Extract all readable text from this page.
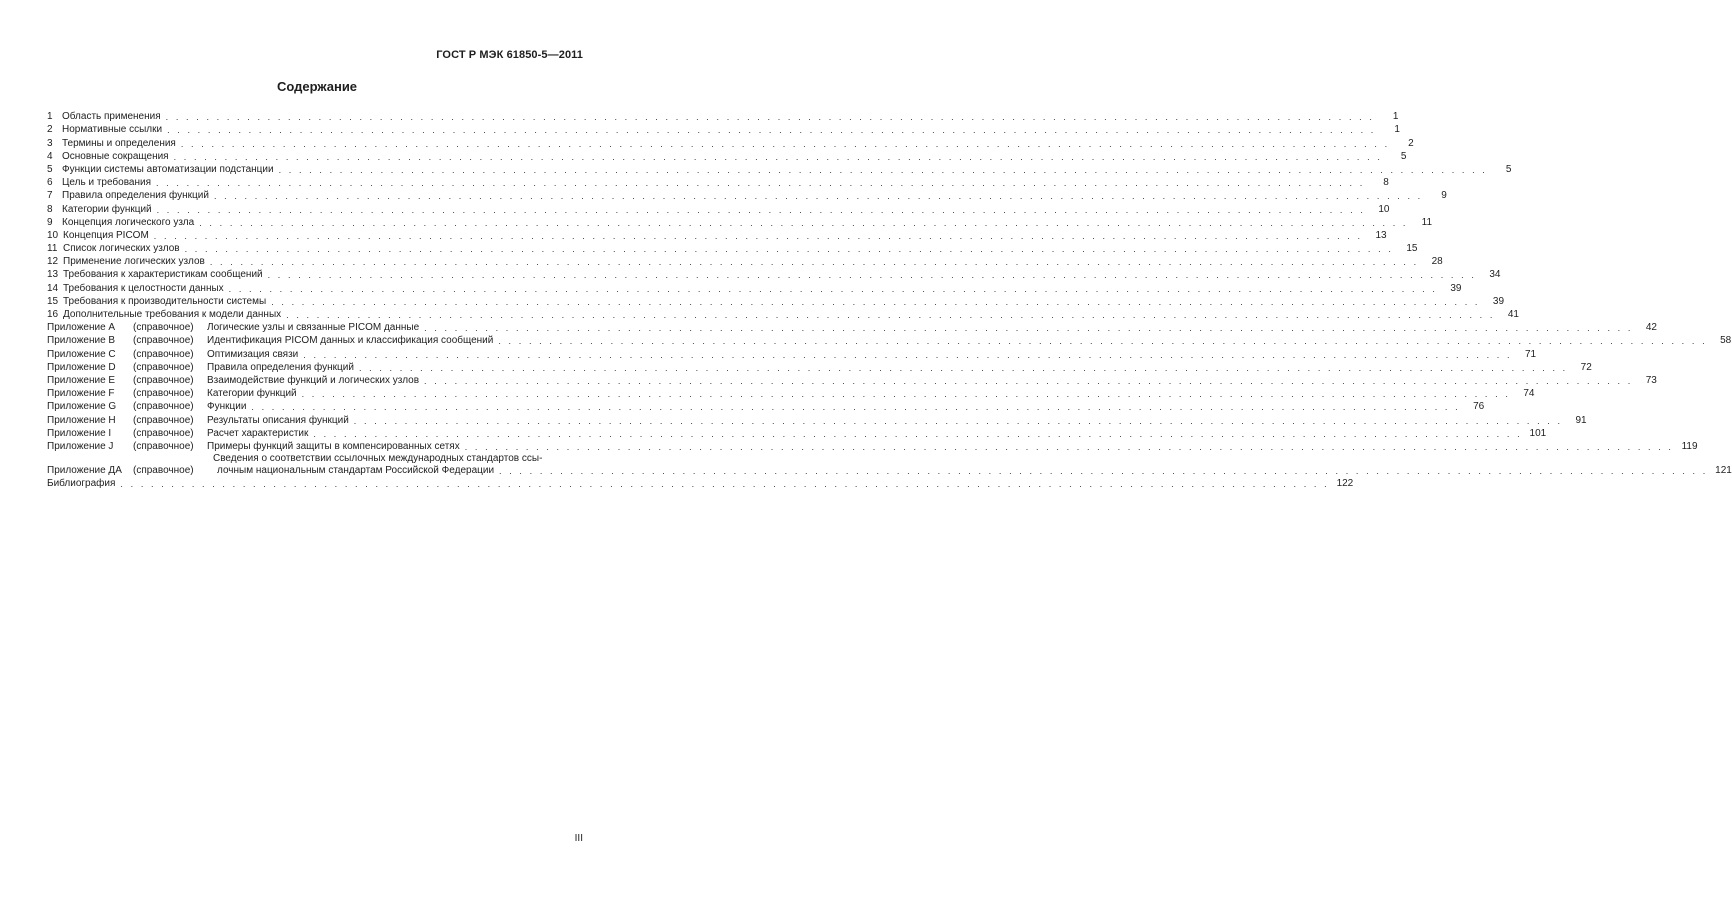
ГОСТ Р МЭК 61850-5—2011
Содержание
1 Область применения . . .	1
2 Нормативные ссылки . . .	1
3 Термины и определения . . .	2
4 Основные сокращения . . .	5
5 Функции системы автоматизации подстанции . . .	5
6 Цель и требования . . .	8
7 Правила определения функций . . .	9
8 Категории функций . . .	10
9 Концепция логического узла . . .	11
10 Концепция PICOM . . .	13
11 Список логических узлов . . .	15
12 Применение логических узлов . . .	28
13 Требования к характеристикам сообщений . . .	34
14 Требования к целостности данных . . .	39
15 Требования к производительности системы . . .	39
16 Дополнительные требования к модели данных . . .	41
Приложение A	(справочное)	Логические узлы и связанные PICOM данные . . .	42
Приложение B	(справочное)	Идентификация PICOM данных и классификация сообщений . . .	58
Приложение C	(справочное)	Оптимизация связи . . .	71
Приложение D	(справочное)	Правила определения функций . . .	72
Приложение E	(справочное)	Взаимодействие функций и логических узлов . . .	73
Приложение F	(справочное)	Категории функций . . .	74
Приложение G	(справочное)	Функции . . .	76
Приложение H	(справочное)	Результаты описания функций . . .	91
Приложение I	(справочное)	Расчет характеристик . . .	101
Приложение J	(справочное)	Примеры функций защиты в компенсированных сетях . . .	119
Приложение ДА	(справочное)
Сведения о соответствии ссылочных международных стандартов ссы-
лочным национальным стандартам Российской Федерации . . .	121
Библиография . . .	122
III
